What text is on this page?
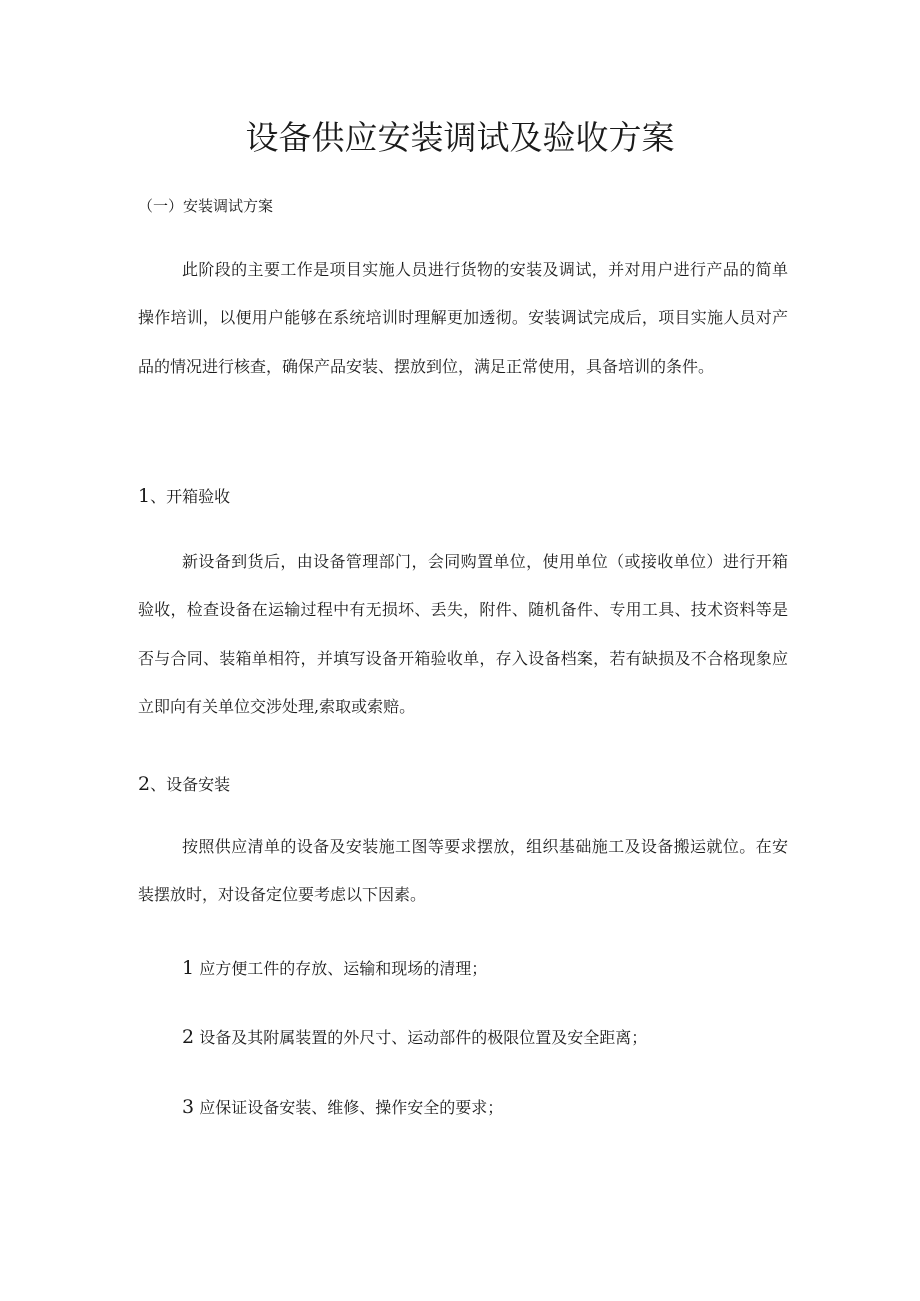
设备供应安装调试及验收方案

（一）安装调试方案

此阶段的主要工作是项目实施人员进行货物的安装及调试，并对用户进行产品的简单操作培训，以便用户能够在系统培训时理解更加透彻。安装调试完成后，项目实施人员对产品的情况进行核查，确保产品安装、摆放到位，满足正常使用，具备培训的条件。

1、开箱验收

新设备到货后，由设备管理部门，会同购置单位，使用单位（或接收单位）进行开箱验收，检查设备在运输过程中有无损坏、丢失，附件、随机备件、专用工具、技术资料等是否与合同、装箱单相符，并填写设备开箱验收单，存入设备档案，若有缺损及不合格现象应立即向有关单位交涉处理,索取或索赔。

2、设备安装

按照供应清单的设备及安装施工图等要求摆放，组织基础施工及设备搬运就位。在安装摆放时，对设备定位要考虑以下因素。

1 应方便工件的存放、运输和现场的清理；

2 设备及其附属装置的外尺寸、运动部件的极限位置及安全距离；

3 应保证设备安装、维修、操作安全的要求；
